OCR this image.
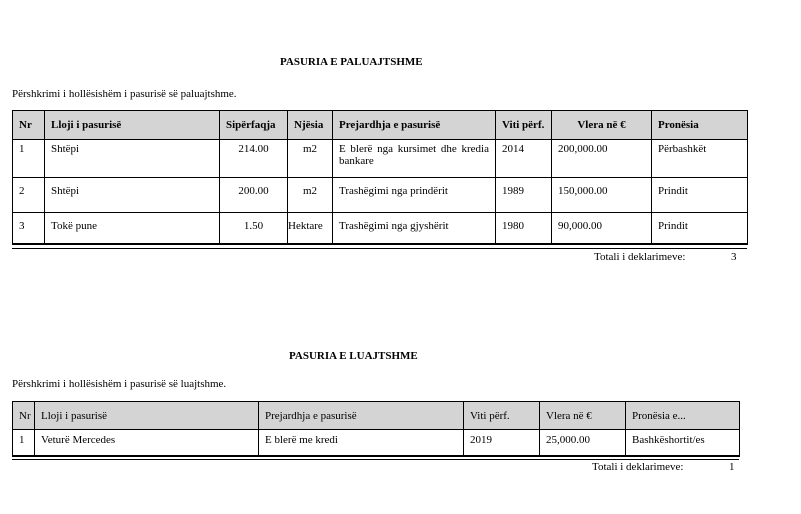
PASURIA E PALUAJTSHME
Përshkrimi i hollësishëm i pasurisë së paluajtshme.
Nr	Lloji i pasurisë	Sipërfaqja	Njësia	Prejardhja e pasurisë	Viti përf.	Vlera në €	Pronësia
1	Shtëpi	214.00	m2	E blerë nga kursimet dhe kredia bankare	2014	200,000.00	Përbashkët
2	Shtëpi	200.00	m2	Trashëgimi nga prindërit	1989	150,000.00	Prindit
3	Tokë pune	1.50	Hektare	Trashëgimi nga gjyshërit	1980	90,000.00	Prindit
Totali i deklarimeve:	3
PASURIA E LUAJTSHME
Përshkrimi i hollësishëm i pasurisë së luajtshme.
Nr	Lloji i pasurisë	Prejardhja e pasurisë	Viti përf.	Vlera në €	Pronësia e...
1	Veturë Mercedes	E blerë me kredi	2019	25,000.00	Bashkëshortit/es
Totali i deklarimeve:	1
